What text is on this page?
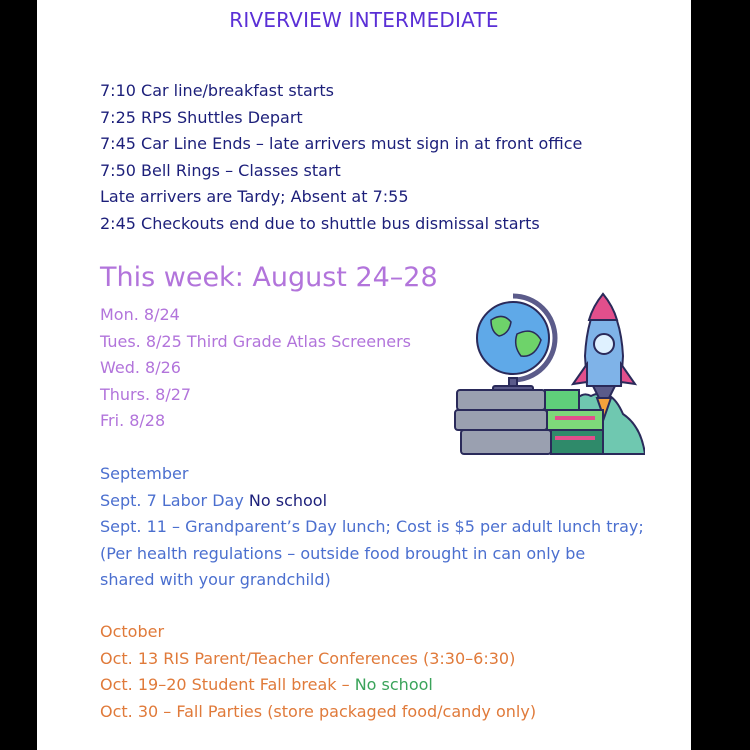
RIVERVIEW INTERMEDIATE
7:10 Car line/breakfast starts
7:25 RPS Shuttles Depart
7:45 Car Line Ends – late arrivers must sign in at front office
7:50 Bell Rings – Classes start
Late arrivers are Tardy; Absent at 7:55
2:45 Checkouts end due to shuttle bus dismissal starts
This week: August 24–28
Mon. 8/24
Tues. 8/25 Third Grade Atlas Screeners
Wed. 8/26
Thurs. 8/27
Fri. 8/28
September
Sept. 7 Labor Day No school
Sept. 11 – Grandparent’s Day lunch; Cost is $5 per adult lunch tray;
(Per health regulations – outside food brought in can only be
shared with your grandchild)
October
Oct. 13 RIS Parent/Teacher Conferences (3:30–6:30)
Oct. 19–20 Student Fall break – No school
Oct. 30 – Fall Parties (store packaged food/candy only)
